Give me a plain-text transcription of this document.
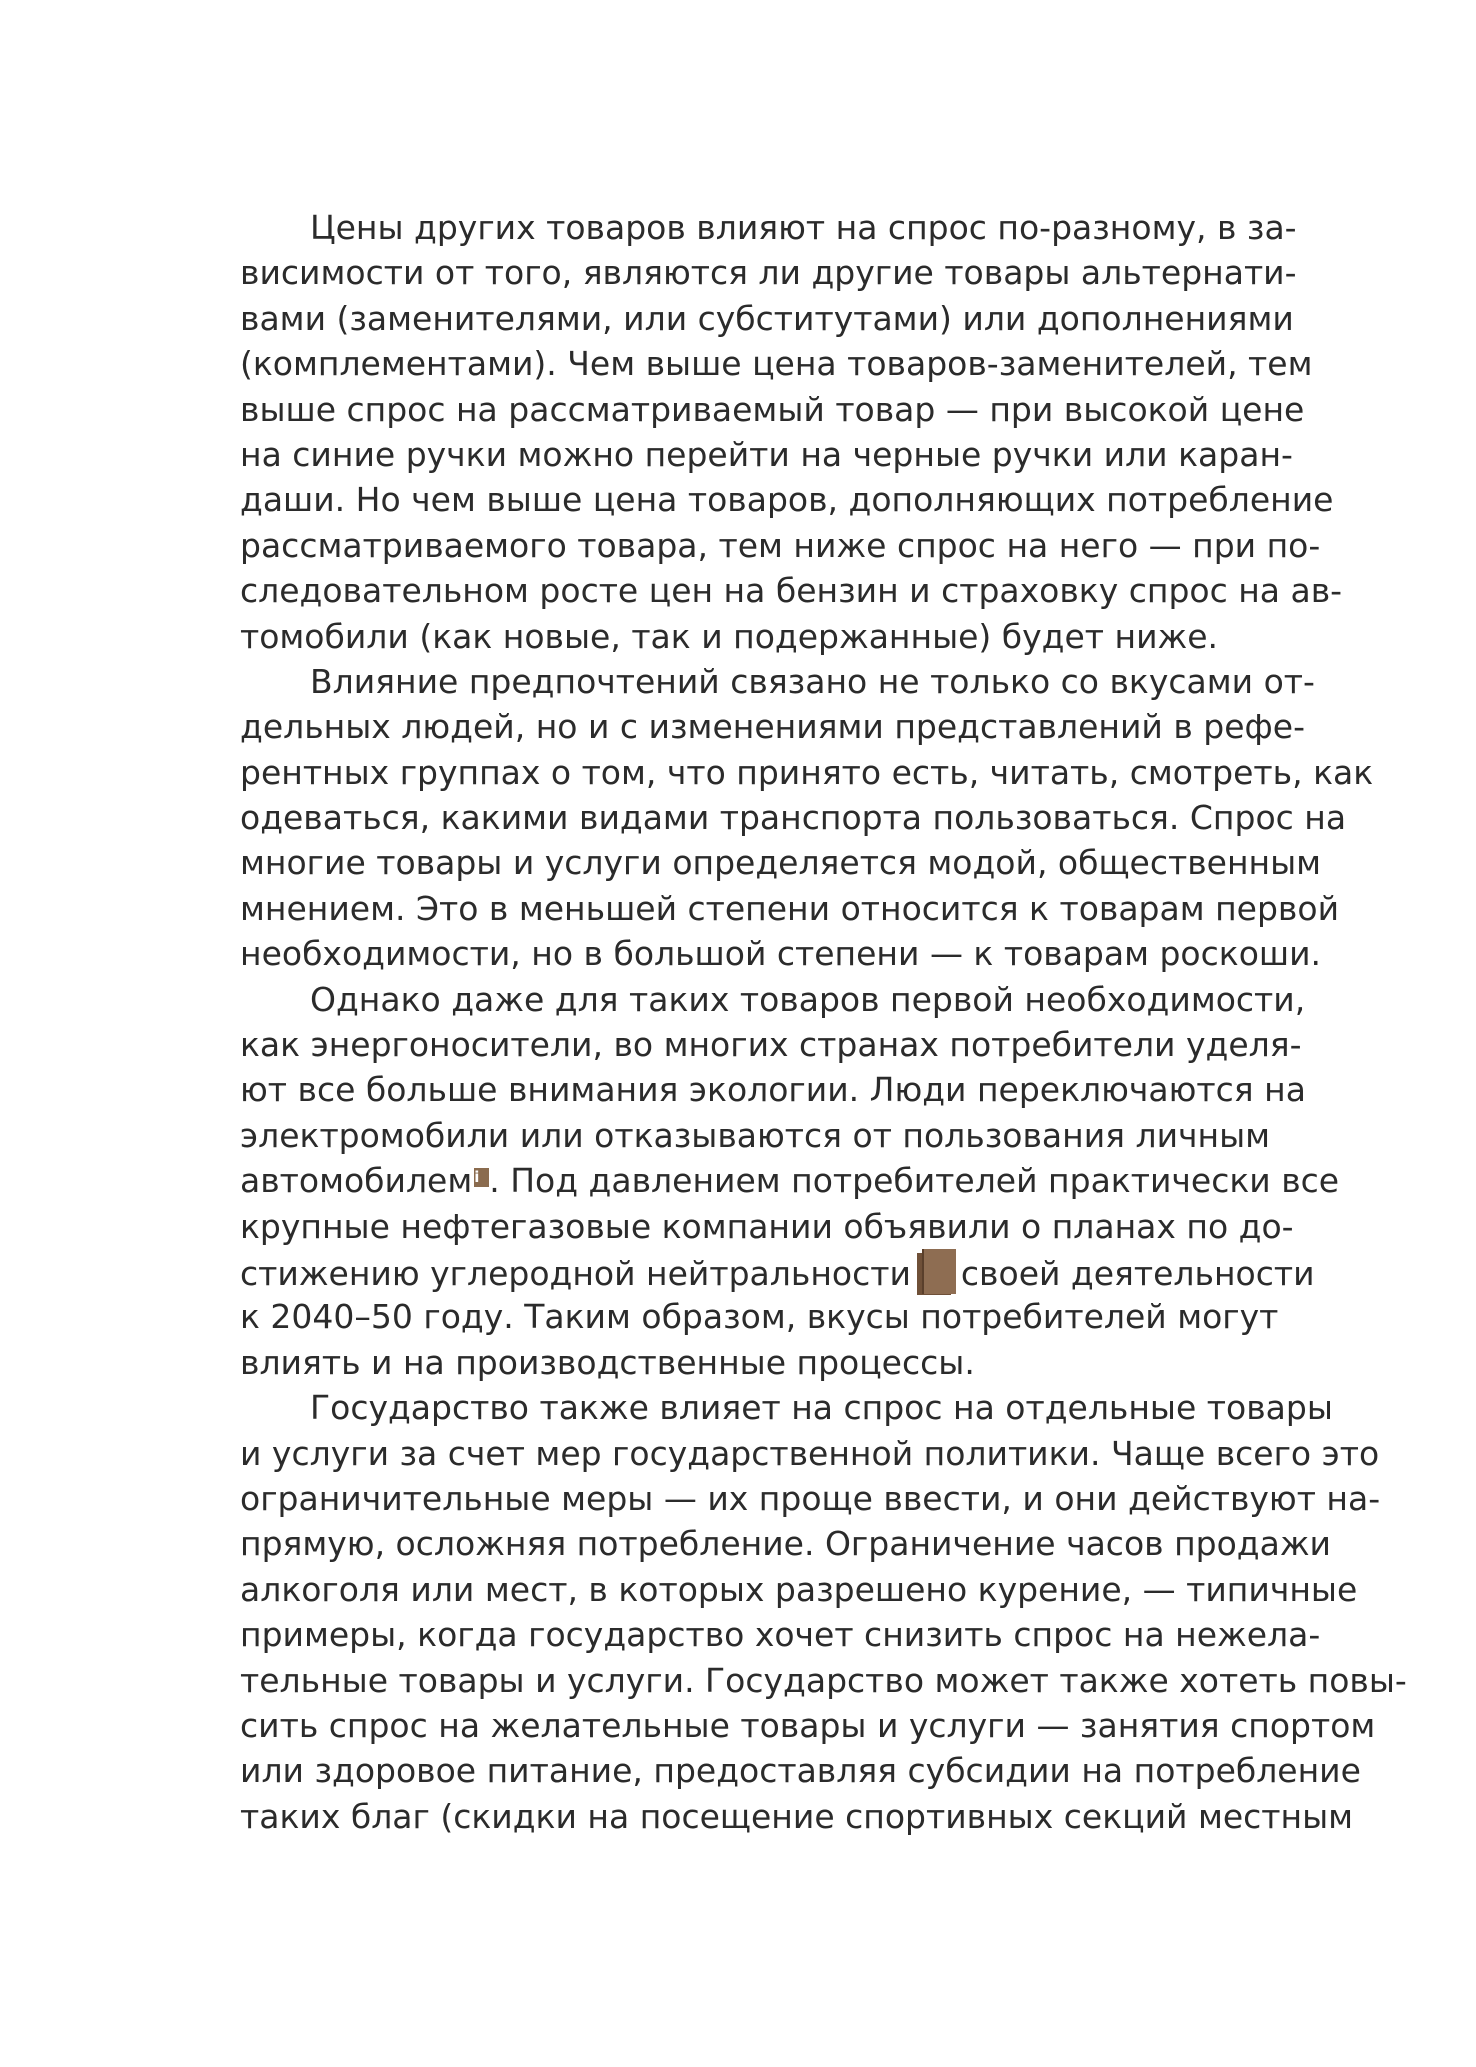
Цены других товаров влияют на спрос по-разному, в за-
висимости от того, являются ли другие товары альтернати-
вами (заменителями, или субститутами) или дополнениями
(комплементами). Чем выше цена товаров-заменителей, тем
выше спрос на рассматриваемый товар — при высокой цене
на синие ручки можно перейти на черные ручки или каран-
даши. Но чем выше цена товаров, дополняющих потребление
рассматриваемого товара, тем ниже спрос на него — при по-
следовательном росте цен на бензин и страховку спрос на ав-
томобили (как новые, так и подержанные) будет ниже.
Влияние предпочтений связано не только со вкусами от-
дельных людей, но и с изменениями представлений в рефе-
рентных группах о том, что принято есть, читать, смотреть, как
одеваться, какими видами транспорта пользоваться. Спрос на
многие товары и услуги определяется модой, общественным
мнением. Это в меньшей степени относится к товарам первой
необходимости, но в большой степени — к товарам роскоши.
Однако даже для таких товаров первой необходимости,
как энергоносители, во многих странах потребители уделя-
ют все больше внимания экологии. Люди переключаются на
электромобили или отказываются от пользования личным
автомобилем i . Под давлением потребителей практически все
крупные нефтегазовые компании объявили о планах по до-
стижению углеродной нейтральности своей деятельности
к 2040–50 году. Таким образом, вкусы потребителей могут
влиять и на производственные процессы.
Государство также влияет на спрос на отдельные товары
и услуги за счет мер государственной политики. Чаще всего это
ограничительные меры — их проще ввести, и они действуют на-
прямую, осложняя потребление. Ограничение часов продажи
алкоголя или мест, в которых разрешено курение, — типичные
примеры, когда государство хочет снизить спрос на нежела-
тельные товары и услуги. Государство может также хотеть повы-
сить спрос на желательные товары и услуги — занятия спортом
или здоровое питание, предоставляя субсидии на потребление
таких благ (скидки на посещение спортивных секций местным
